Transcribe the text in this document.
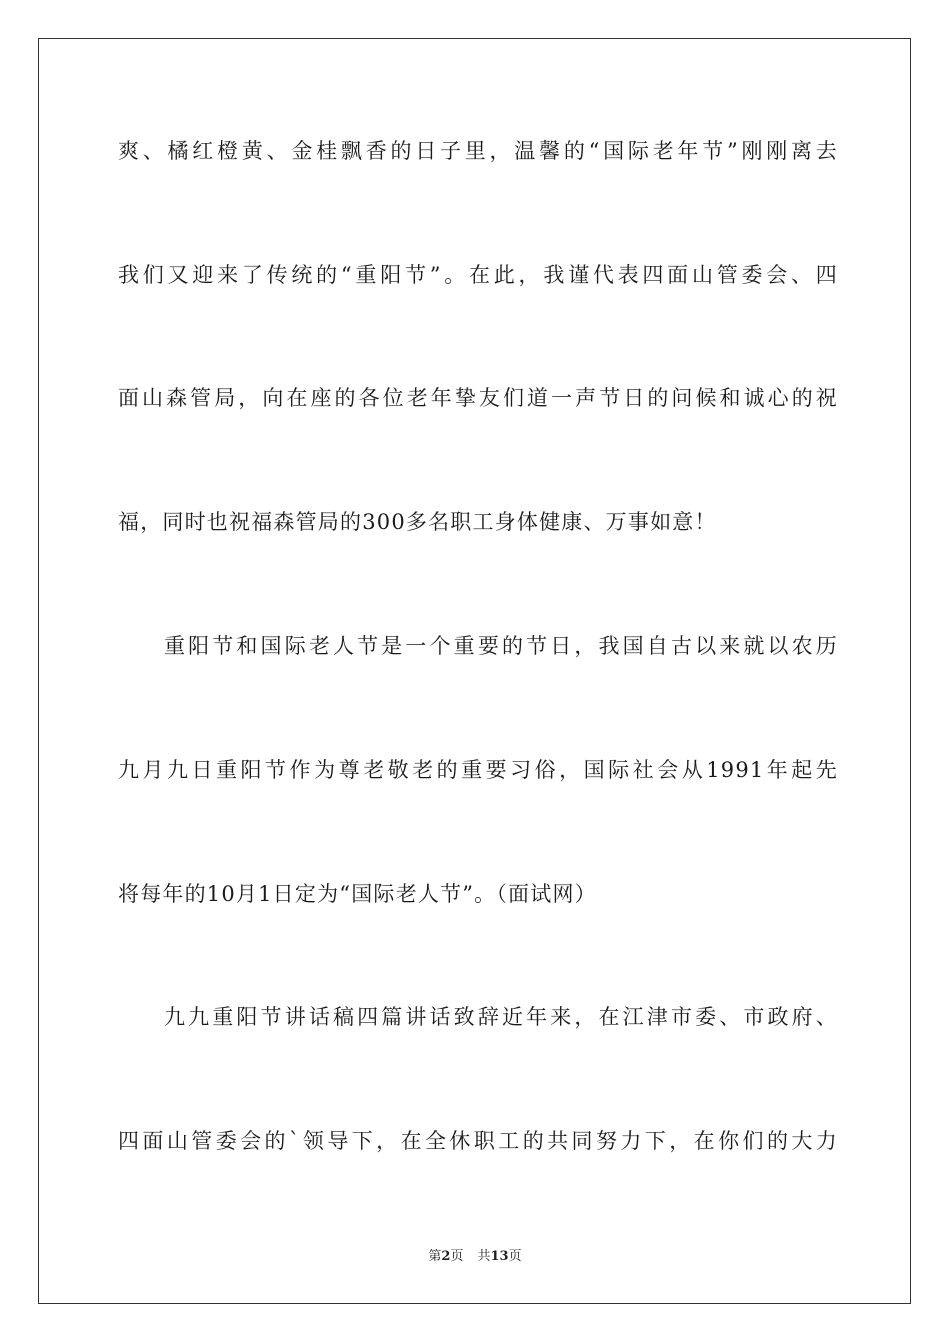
爽、橘红橙黄、金桂飘香的日子里，温馨的“国际老年节”刚刚离去
我们又迎来了传统的“重阳节”。在此，我谨代表四面山管委会、四
面山森管局，向在座的各位老年挚友们道一声节日的问候和诚心的祝
福，同时也祝福森管局的300多名职工身体健康、万事如意！
重阳节和国际老人节是一个重要的节日，我国自古以来就以农历
九月九日重阳节作为尊老敬老的重要习俗，国际社会从1991年起先
将每年的10月1日定为“国际老人节”。（面试网）
九九重阳节讲话稿四篇讲话致辞近年来，在江津市委、市政府、
四面山管委会的`领导下，在全休职工的共同努力下，在你们的大力
第2页 共13页
